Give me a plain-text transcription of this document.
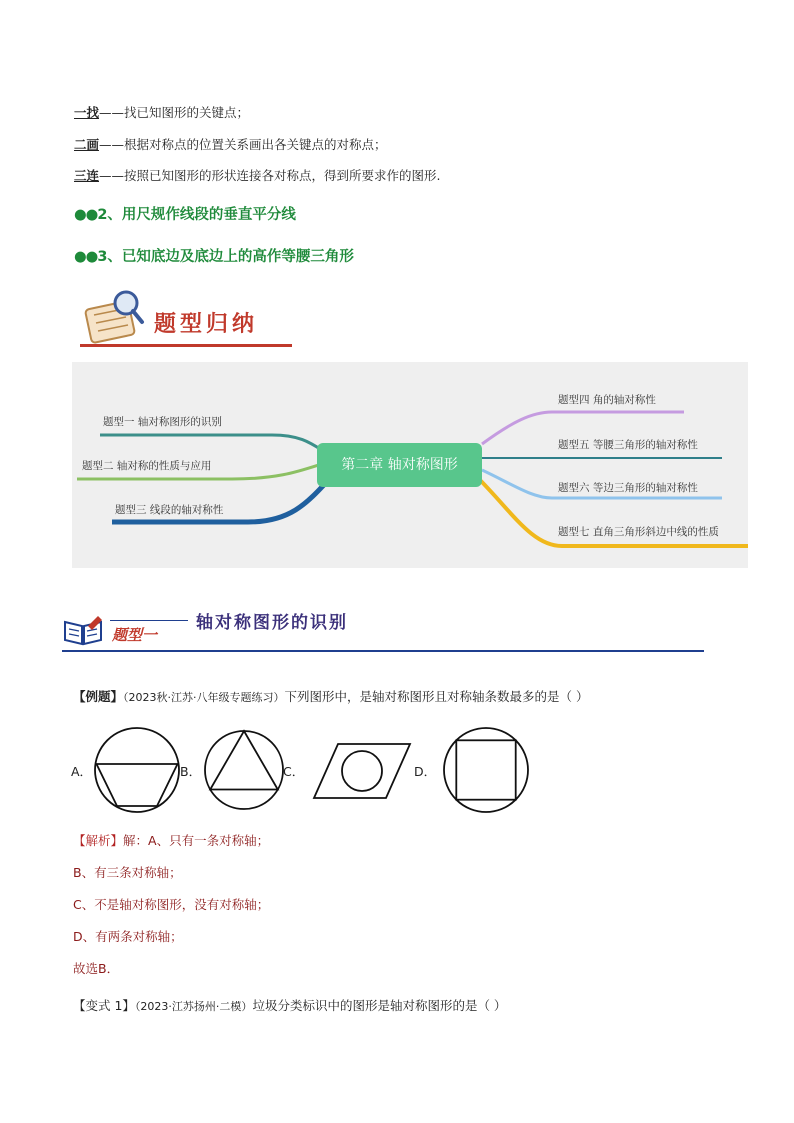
一找——找已知图形的关键点；
二画——根据对称点的位置关系画出各关键点的对称点；
三连——按照已知图形的形状连接各对称点，得到所要求作的图形.
●●2、用尺规作线段的垂直平分线
●●3、已知底边及底边上的高作等腰三角形
题型归纳
第二章 轴对称图形
题型一 轴对称图形的识别
题型二 轴对称的性质与应用
题型三 线段的轴对称性
题型四 角的轴对称性
题型五 等腰三角形的轴对称性
题型六 等边三角形的轴对称性
题型七 直角三角形斜边中线的性质
题型一
轴对称图形的识别
【例题】（2023秋·江苏·八年级专题练习）下列图形中，是轴对称图形且对称轴条数最多的是（ ）
A．	B．	C．	D．
【解析】解：A、只有一条对称轴；
B、有三条对称轴；
C、不是轴对称图形，没有对称轴；
D、有两条对称轴；
故选B．
【变式 1】（2023·江苏扬州·二模）垃圾分类标识中的图形是轴对称图形的是（ ）
